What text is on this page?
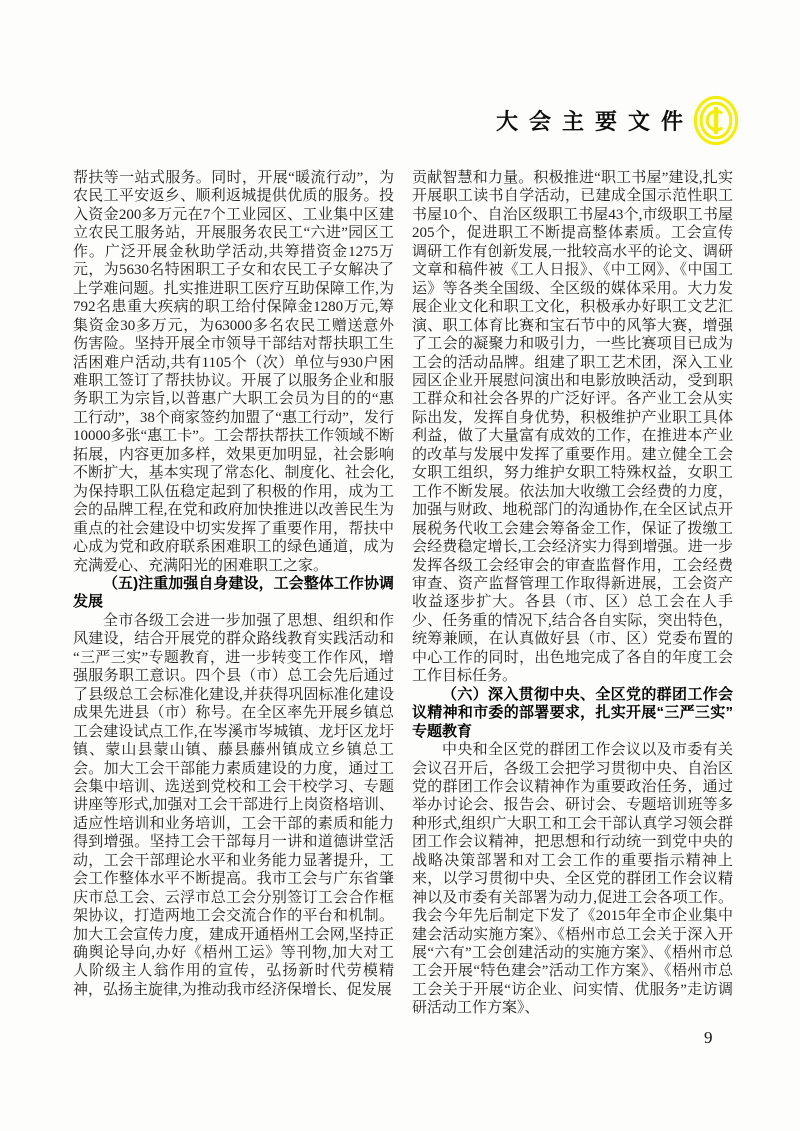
大会主要文件

帮扶等一站式服务。同时，开展“暖流行动”，为农民工平安返乡、顺利返城提供优质的服务。投入资金200多万元在7个工业园区、工业集中区建立农民工服务站，开展服务农民工“六进”园区工作。广泛开展金秋助学活动,共筹措资金1275万元，为5630名特困职工子女和农民工子女解决了上学难问题。扎实推进职工医疗互助保障工作,为792名患重大疾病的职工给付保障金1280万元,筹集资金30多万元，为63000多名农民工赠送意外伤害险。坚持开展全市领导干部结对帮扶职工生活困难户活动,共有1105个（次）单位与930户困难职工签订了帮扶协议。开展了以服务企业和服务职工为宗旨,以普惠广大职工会员为目的的“惠工行动”，38个商家签约加盟了“惠工行动”，发行10000多张“惠工卡”。工会帮扶帮扶工作领域不断拓展，内容更加多样，效果更加明显，社会影响不断扩大，基本实现了常态化、制度化、社会化,为保持职工队伍稳定起到了积极的作用，成为工会的品牌工程,在党和政府加快推进以改善民生为重点的社会建设中切实发挥了重要作用，帮扶中心成为党和政府联系困难职工的绿色通道，成为充满爱心、充满阳光的困难职工之家。

（五)注重加强自身建设，工会整体工作协调发展

全市各级工会进一步加强了思想、组织和作风建设，结合开展党的群众路线教育实践活动和“三严三实”专题教育，进一步转变工作作风，增强服务职工意识。四个县（市）总工会先后通过了县级总工会标准化建设,并获得巩固标准化建设成果先进县（市）称号。在全区率先开展乡镇总工会建设试点工作,在岑溪市岑城镇、龙圩区龙圩镇、蒙山县蒙山镇、藤县藤州镇成立乡镇总工会。加大工会干部能力素质建设的力度，通过工会集中培训、选送到党校和工会干校学习、专题讲座等形式,加强对工会干部进行上岗资格培训、适应性培训和业务培训，工会干部的素质和能力得到增强。坚持工会干部每月一讲和道德讲堂活动，工会干部理论水平和业务能力显著提升，工会工作整体水平不断提高。我市工会与广东省肇庆市总工会、云浮市总工会分别签订工会合作框架协议，打造两地工会交流合作的平台和机制。加大工会宣传力度，建成开通梧州工会网,坚持正确舆论导向,办好《梧州工运》等刊物,加大对工人阶级主人翁作用的宣传，弘扬新时代劳模精神，弘扬主旋律,为推动我市经济保增长、促发展

贡献智慧和力量。积极推进“职工书屋”建设,扎实开展职工读书自学活动，已建成全国示范性职工书屋10个、自治区级职工书屋43个,市级职工书屋205个，促进职工不断提高整体素质。工会宣传调研工作有创新发展,一批较高水平的论文、调研文章和稿件被《工人日报》、《中工网》、《中国工运》等各类全国级、全区级的媒体采用。大力发展企业文化和职工文化，积极承办好职工文艺汇演、职工体育比赛和宝石节中的风筝大赛，增强了工会的凝聚力和吸引力，一些比赛项目已成为工会的活动品牌。组建了职工艺术团，深入工业园区企业开展慰问演出和电影放映活动，受到职工群众和社会各界的广泛好评。各产业工会从实际出发，发挥自身优势，积极维护产业职工具体利益，做了大量富有成效的工作，在推进本产业的改革与发展中发挥了重要作用。建立健全工会女职工组织，努力维护女职工特殊权益，女职工工作不断发展。依法加大收缴工会经费的力度，加强与财政、地税部门的沟通协作,在全区试点开展税务代收工会建会筹备金工作，保证了拨缴工会经费稳定增长,工会经济实力得到增强。进一步发挥各级工会经审会的审查监督作用，工会经费审查、资产监督管理工作取得新进展，工会资产收益逐步扩大。各县（市、区）总工会在人手少、任务重的情况下,结合各自实际，突出特色，统筹兼顾，在认真做好县（市、区）党委布置的中心工作的同时，出色地完成了各自的年度工会工作目标任务。

（六）深入贯彻中央、全区党的群团工作会议精神和市委的部署要求，扎实开展“三严三实”专题教育

中央和全区党的群团工作会议以及市委有关会议召开后，各级工会把学习贯彻中央、自治区党的群团工作会议精神作为重要政治任务，通过举办讨论会、报告会、研讨会、专题培训班等多种形式,组织广大职工和工会干部认真学习领会群团工作会议精神，把思想和行动统一到党中央的战略决策部署和对工会工作的重要指示精神上来，以学习贯彻中央、全区党的群团工作会议精神以及市委有关部署为动力,促进工会各项工作。我会今年先后制定下发了《2015年全市企业集中建会活动实施方案》、《梧州市总工会关于深入开展“六有”工会创建活动的实施方案》、《梧州市总工会开展“特色建会”活动工作方案》、《梧州市总工会关于开展“访企业、问实情、优服务”走访调研活动工作方案》、

9
